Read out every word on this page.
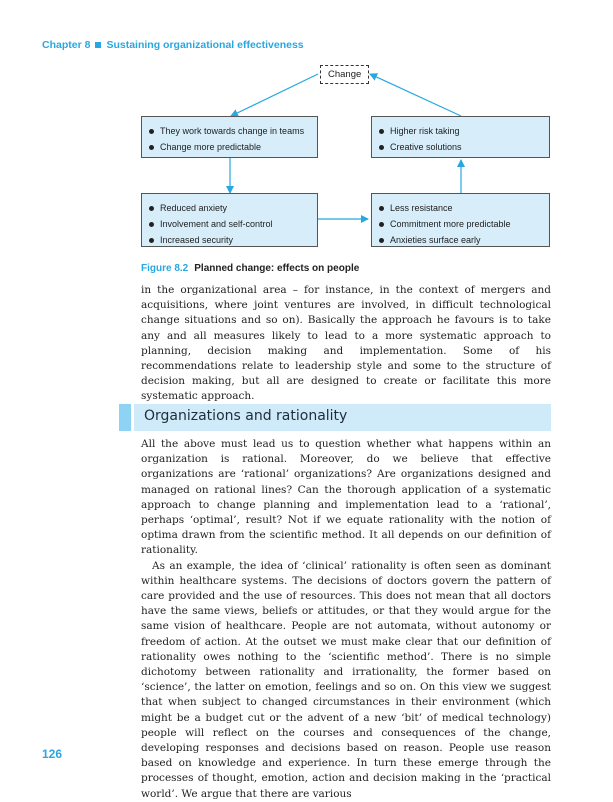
Chapter 8 Sustaining organizational effectiveness
Change
They work towards change in teams
Change more predictable
Higher risk taking
Creative solutions
Reduced anxiety
Involvement and self-control
Increased security
Less resistance
Commitment more predictable
Anxieties surface early
Figure 8.2 Planned change: effects on people

in the organizational area – for instance, in the context of mergers and acquisitions, where joint ventures are involved, in difficult technological change situations and so on). Basically the approach he favours is to take any and all measures likely to lead to a more systematic approach to planning, decision making and implementation. Some of his recommendations relate to leadership style and some to the structure of decision making, but all are designed to create or facilitate this more systematic approach.

Organizations and rationality

All the above must lead us to question whether what happens within an organization is rational. Moreover, do we believe that effective organizations are ‘rational’ organizations? Are organizations designed and managed on rational lines? Can the thorough application of a systematic approach to change planning and implementation lead to a ‘rational’, perhaps ‘optimal’, result? Not if we equate rationality with the notion of optima drawn from the scientific method. It all depends on our definition of rationality.

As an example, the idea of ‘clinical’ rationality is often seen as dominant within healthcare systems. The decisions of doctors govern the pattern of care provided and the use of resources. This does not mean that all doctors have the same views, beliefs or attitudes, or that they would argue for the same vision of healthcare. People are not automata, without autonomy or freedom of action. At the outset we must make clear that our definition of rationality owes nothing to the ‘scientific method’. There is no simple dichotomy between rationality and irrationality, the former based on ‘science’, the latter on emotion, feelings and so on. On this view we suggest that when subject to changed circumstances in their environment (which might be a budget cut or the advent of a new ‘bit’ of medical technology) people will reflect on the courses and consequences of the change, developing responses and decisions based on reason. People use reason based on knowledge and experience. In turn these emerge through the processes of thought, emotion, action and decision making in the ‘practical world’. We argue that there are various

126
